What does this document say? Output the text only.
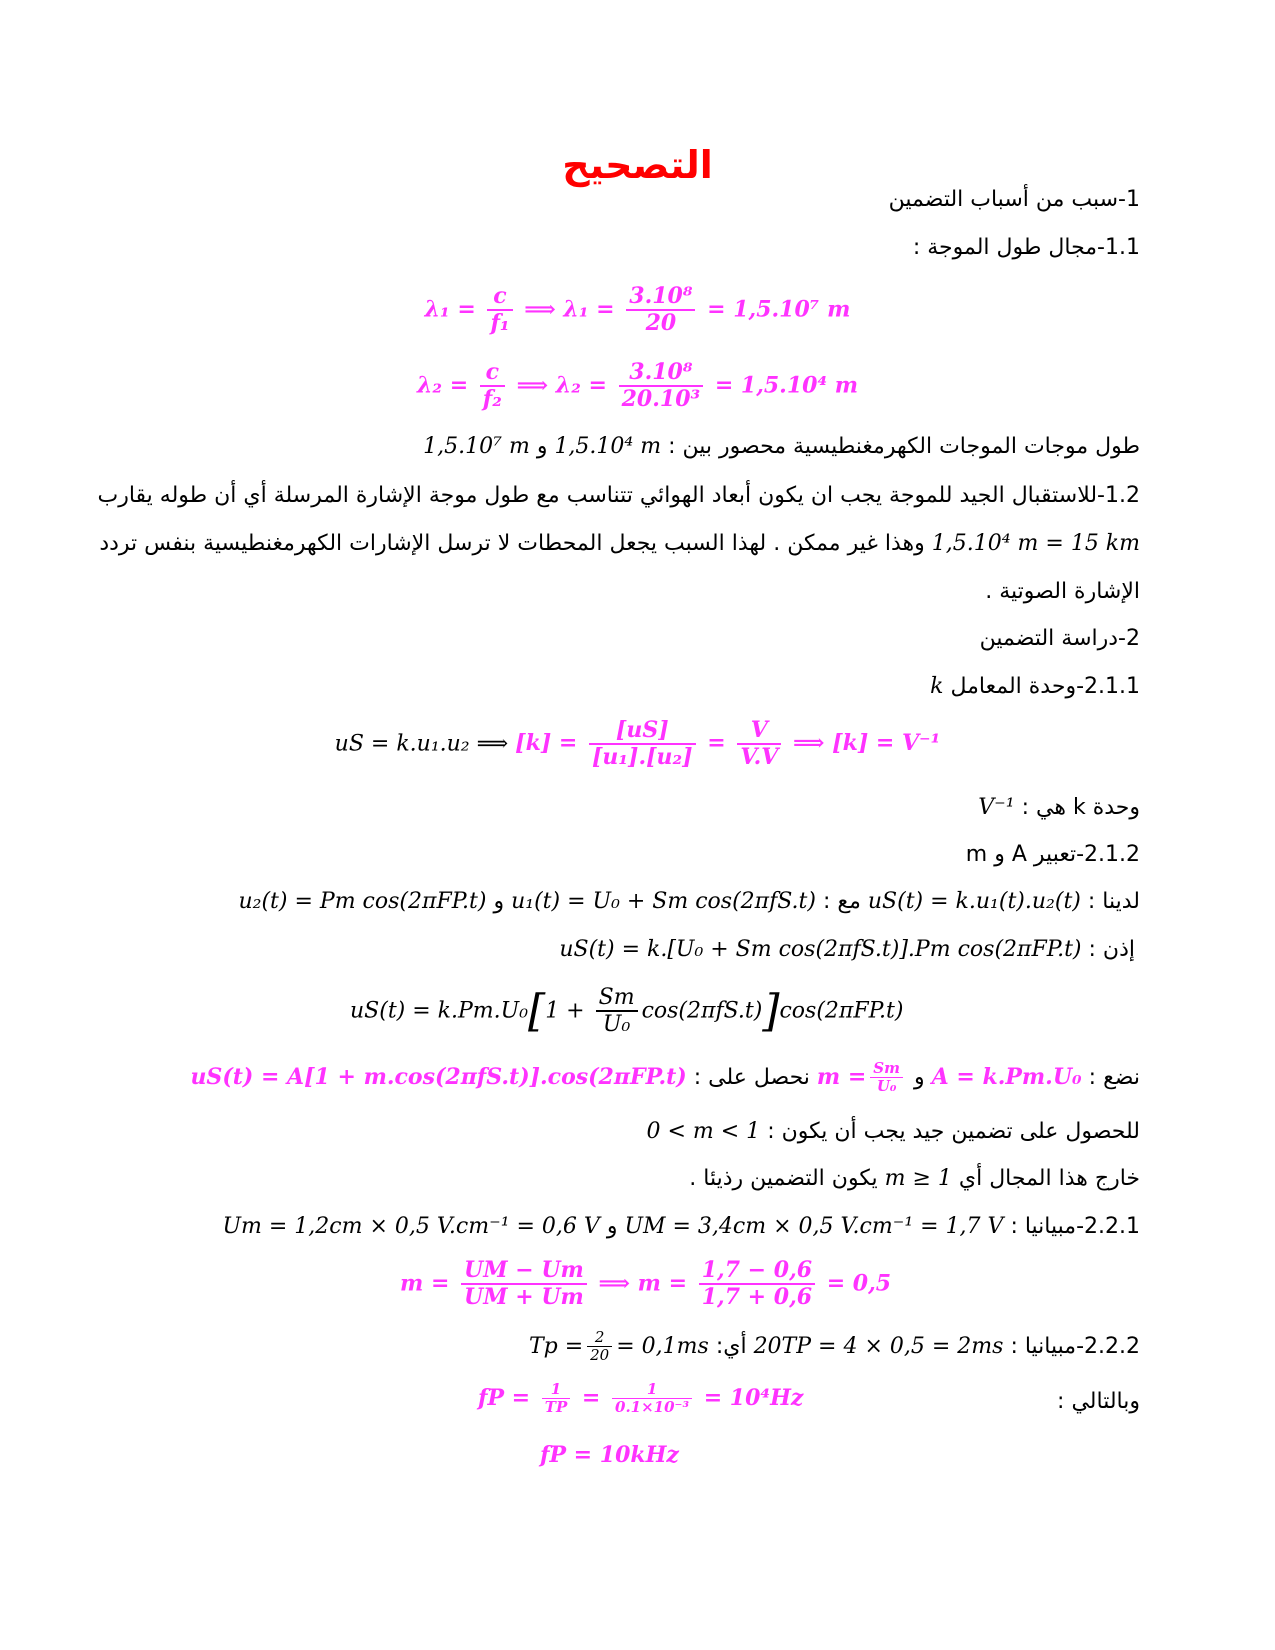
التصحيح
1-سبب من أسباب التضمين
1.1-مجال طول الموجة :
$\lambda_1 = \frac{c}{\text{f₁}}$ ⟹ $\lambda_1 = \frac{\text{3.10⁸}}{20} = 1,5.10^7$ m
$\lambda_2 = \frac{c}{\text{f₂}}$ ⟹ $\lambda_2 = \frac{\text{3.10⁸}}{\text{20.10³}} = 1,5.10^4$ m
طول موجات الموجات الكهرمغنطيسية محصور بين : 1,5.10⁴ m و 1,5.10⁷ m
1.2-للاستقبال الجيد للموجة يجب ان يكون أبعاد الهوائي تتناسب مع طول موجة الإشارة المرسلة أي أن طوله يقارب
1,5.10⁴ m = 15 km وهذا غير ممكن . لهذا السبب يجعل المحطات لا ترسل الإشارات الكهرمغنطيسية بنفس تردد
الإشارة الصوتية .
2-دراسة التضمين
2.1.1-وحدة المعامل k
uS = k.u₁.u₂ ⟹ $[k] = \frac{[uS]}{\text{[u₁].[u₂]}} = \frac{V}{V.V}$ ⟹ [k] = V⁻¹
وحدة k هي : V⁻¹
2.1.2-تعبير A و m
لدينا : uS(t) = k.u₁(t).u₂(t) مع : u₁(t) = U₀ + Sm cos(2πfS.t) و u₂(t) = Pm cos(2πFP.t)
إذن : uS(t) = k.[U₀ + Sm cos(2πfS.t)].Pm cos(2πFP.t)
$uS(t) = k.Pm.U_0[1 + \frac{Sm}{\text{U₀}} \cos(2\pi fS.t)]\cos(2\pi FP.t)$
نضع : A = k.Pm.U₀ و $m = \frac{Sm}{\text{U₀}}$
نحصل على : uS(t) = A[1 + m.cos(2πfS.t)].cos(2πFP.t)
للحصول على تضمين جيد يجب أن يكون : 0 < m < 1
خارج هذا المجال أي m ≥ 1 يكون التضمين رذيئا .
2.2.1-مبيانيا : UM = 3,4cm × 0,5 V.cm⁻¹ = 1,7 V و Um = 1,2cm × 0,5 V.cm⁻¹ = 0,6 V
$m = \frac{UM - Um}{UM + Um}$ ⟹ $m = \frac{1,7 - 0,6}{1,7 + 0,6} = 0,5$
2.2.2-مبيانيا : 20TP = 4 × 0,5 = 2ms أي: $Tp = \frac{2}{20} = 0,1ms$
وبالتالي :
fP = $\frac{1}{TP} = \frac{1}{\text{0.1×10⁻³}} = 10^4Hz$
fP = 10kHz
